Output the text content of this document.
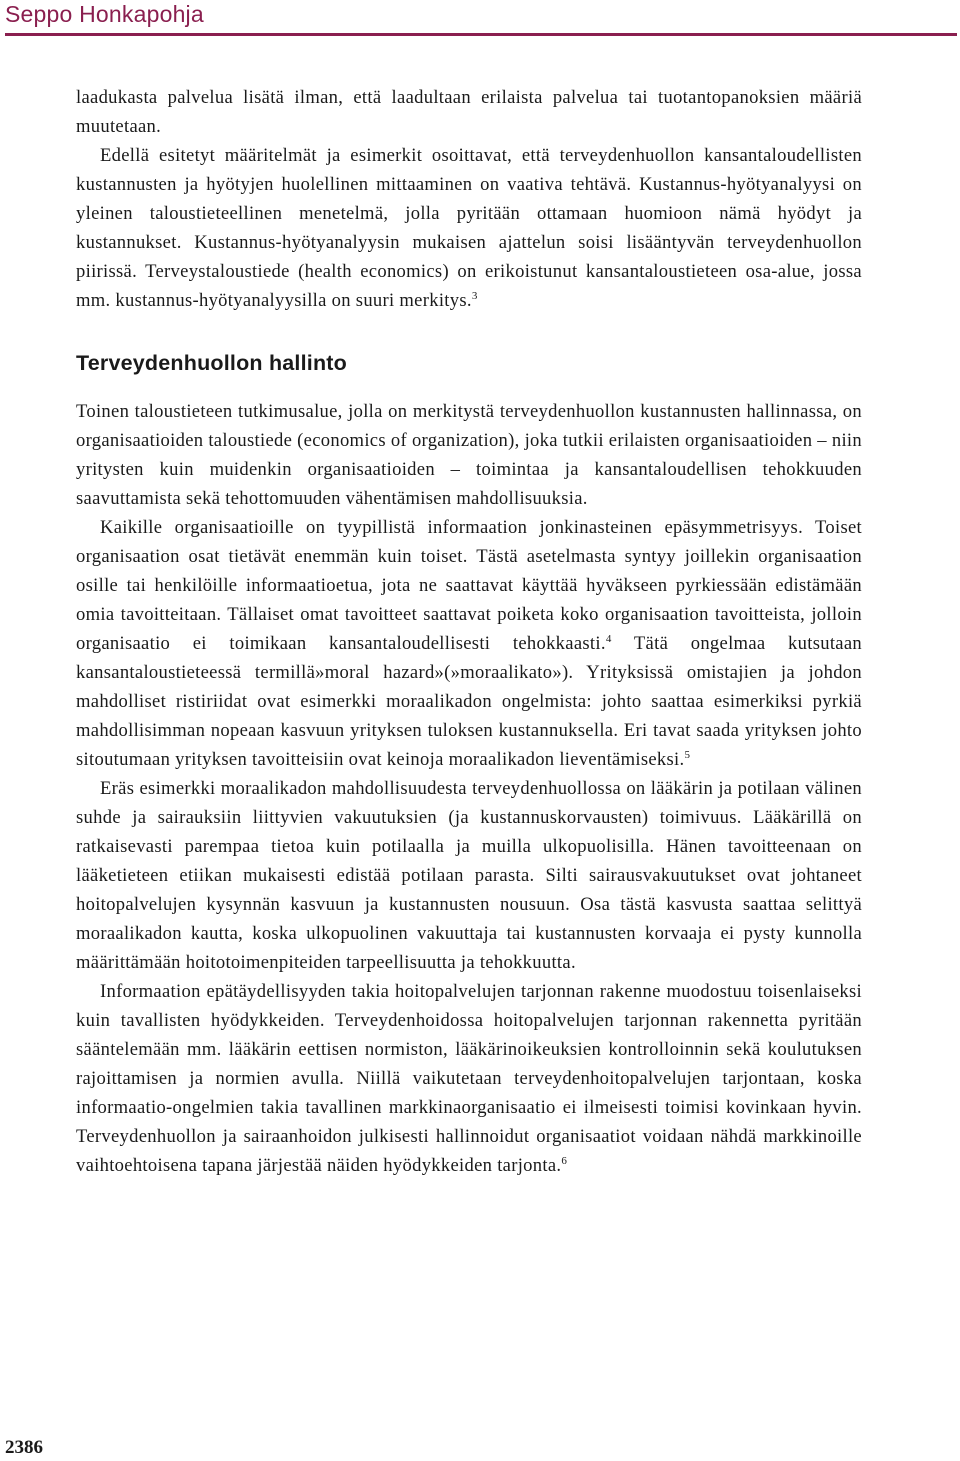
Seppo Honkapohja

laadukasta palvelua lisätä ilman, että laadultaan erilaista palvelua tai tuotantopanoksien määriä muutetaan.

Edellä esitetyt määritelmät ja esimerkit osoittavat, että terveydenhuollon kansantaloudellisten kustannusten ja hyötyjen huolellinen mittaaminen on vaativa tehtävä. Kustannus-hyötyanalyysi on yleinen taloustieteellinen menetelmä, jolla pyritään ottamaan huomioon nämä hyödyt ja kustannukset. Kustannus-hyötyanalyysin mukaisen ajattelun soisi lisääntyvän terveydenhuollon piirissä. Terveystaloustiede (health economics) on erikoistunut kansantaloustieteen osa-alue, jossa mm. kustannus-hyötyanalyysilla on suuri merkitys.$^3$

Terveydenhuollon hallinto

Toinen taloustieteen tutkimusalue, jolla on merkitystä terveydenhuollon kustannusten hallinnassa, on organisaatioiden taloustiede (economics of organization), joka tutkii erilaisten organisaatioiden – niin yritysten kuin muidenkin organisaatioiden – toimintaa ja kansantaloudellisen tehokkuuden saavuttamista sekä tehottomuuden vähentämisen mahdollisuuksia.

Kaikille organisaatioille on tyypillistä informaation jonkinasteinen epäsymmetrisyys. Toiset organisaation osat tietävät enemmän kuin toiset. Tästä asetelmasta syntyy joillekin organisaation osille tai henkilöille informaatioetua, jota ne saattavat käyttää hyväkseen pyrkiessään edistämään omia tavoitteitaan. Tällaiset omat tavoitteet saattavat poiketa koko organisaation tavoitteista, jolloin organisaatio ei toimikaan kansantaloudellisesti tehokkaasti.$^4$ Tätä ongelmaa kutsutaan kansantaloustieteessä termillä»moral hazard»(»moraalikato»). Yrityksissä omistajien ja johdon mahdolliset ristiriidat ovat esimerkki moraalikadon ongelmista: johto saattaa esimerkiksi pyrkiä mahdollisimman nopeaan kasvuun yrityksen tuloksen kustannuksella. Eri tavat saada yrityksen johto sitoutumaan yrityksen tavoitteisiin ovat keinoja moraalikadon lieventämiseksi.$^5$

Eräs esimerkki moraalikadon mahdollisuudesta terveydenhuollossa on lääkärin ja potilaan välinen suhde ja sairauksiin liittyvien vakuutuksien (ja kustannuskorvausten) toimivuus. Lääkärillä on ratkaisevasti parempaa tietoa kuin potilaalla ja muilla ulkopuolisilla. Hänen tavoitteenaan on lääketieteen etiikan mukaisesti edistää potilaan parasta. Silti sairausvakuutukset ovat johtaneet hoitopalvelujen kysynnän kasvuun ja kustannusten nousuun. Osa tästä kasvusta saattaa selittyä moraalikadon kautta, koska ulkopuolinen vakuuttaja tai kustannusten korvaaja ei pysty kunnolla määrittämään hoitotoimenpiteiden tarpeellisuutta ja tehokkuutta.

Informaation epätäydellisyyden takia hoitopalvelujen tarjonnan rakenne muodostuu toisenlaiseksi kuin tavallisten hyödykkeiden. Terveydenhoidossa hoitopalvelujen tarjonnan rakennetta pyritään sääntelemään mm. lääkärin eettisen normiston, lääkärinoikeuksien kontrolloinnin sekä koulutuksen rajoittamisen ja normien avulla. Niillä vaikutetaan terveydenhoitopalvelujen tarjontaan, koska informaatio-ongelmien takia tavallinen markkinaorganisaatio ei ilmeisesti toimisi kovinkaan hyvin. Terveydenhuollon ja sairaanhoidon julkisesti hallinnoidut organisaatiot voidaan nähdä markkinoille vaihtoehtoisena tapana järjestää näiden hyödykkeiden tarjonta.$^6$

2386
